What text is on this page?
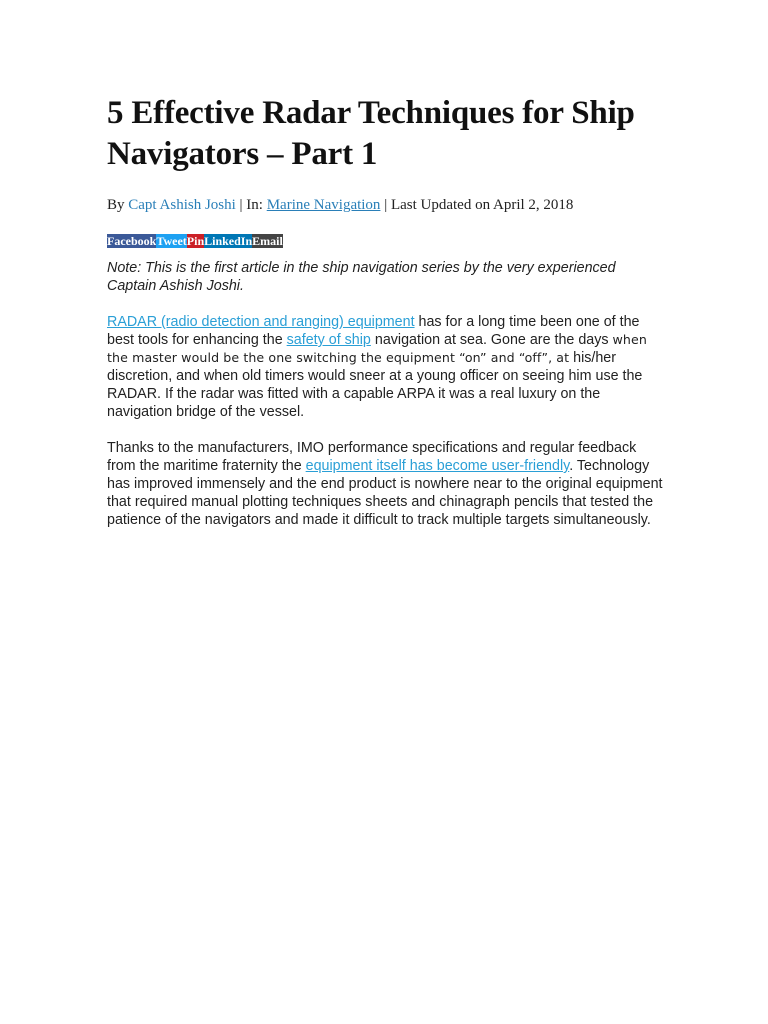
5 Effective Radar Techniques for Ship Navigators – Part 1
By Capt Ashish Joshi | In: Marine Navigation | Last Updated on April 2, 2018
Facebook Tweet Pin LinkedIn Email

Note: This is the first article in the ship navigation series by the very experienced Captain Ashish Joshi.

RADAR (radio detection and ranging) equipment has for a long time been one of the best tools for enhancing the safety of ship navigation at sea. Gone are the days when the master would be the one switching the equipment “on” and “off”, at his/her discretion, and when old timers would sneer at a young officer on seeing him use the RADAR. If the radar was fitted with a capable ARPA it was a real luxury on the navigation bridge of the vessel.

Thanks to the manufacturers, IMO performance specifications and regular feedback from the maritime fraternity the equipment itself has become user-friendly. Technology has improved immensely and the end product is nowhere near to the original equipment that required manual plotting techniques sheets and chinagraph pencils that tested the patience of the navigators and made it difficult to track multiple targets simultaneously.
